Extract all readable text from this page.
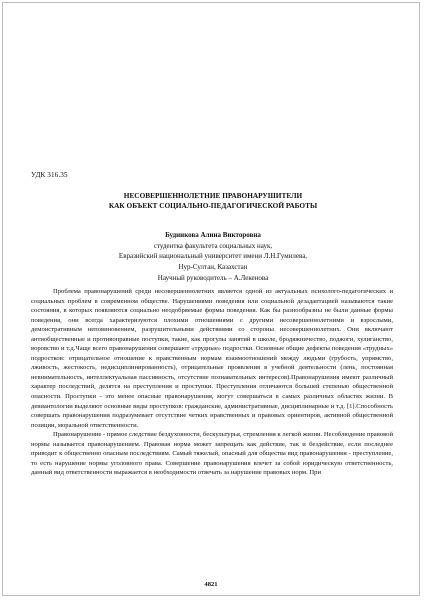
УДК 316.35
НЕСОВЕРШЕННОЛЕТНИЕ ПРАВОНАРУШИТЕЛИ
КАК ОБЪЕКТ СОЦИАЛЬНО-ПЕДАГОГИЧЕСКОЙ РАБОТЫ
Будникова Алина Викторовна
студентка факультета социальных наук,
Евразийский национальный университет имени Л.Н.Гумилева,
Нур-Султан, Казахстан
Научный руководитель – А.Лекенова

Проблема правонарушений среди несовершеннолетних является одной из актуальных психолого-педагогических и социальных проблем в современном обществе. Нарушениями поведения или социальной дезадаптацией называются такие состояния, в которых появляются социально неодобряемые формы поведения. Как бы разнообразны не были данные формы поведения, они всегда характеризуются плохими отношениями с другими несовершеннолетними и взрослыми, демонстративным неповиновением, разрушительными действиями со стороны несовершеннолетних. Они включают антиобщественные и противоправные поступки, такие, как прогулы занятий в школе, бродяжничество, поджоги, хулиганство, воровство и т.д.Чаще всего правонарушения совершают «трудные» подростки. Основные общие дефекты поведения «трудных» подростков: отрицательное отношение к нравственным нормам взаимоотношений между людьми (грубость, упрямство, лживость, жестокость, недисциплинированность), отрицательные проявления в учебной деятельности (лень, постоянная невнимательность, интеллектуальная пассивность, отсутствие познавательных интересов).Правонарушения имеют различный характер последствий, делятся на преступления и проступки. Преступления отличаются большей степенью общественной опасности. Проступки - это менее опасные правонарушения, могут совершаться в самых различных областях жизни. В девиантологии выделяют основные виды проступков: гражданские, административные, дисциплинарные и т.д. [1].Способность совершать правонарушения подразумевает отсутствие четких нравственных и правовых ориентиров, активной общественной позиции, моральной ответственности.

Правонарушение - прямое следствие бездуховности, бескультурья, стремления к легкой жизни. Несоблюдение правовой нормы называется правонарушением. Правовая норма может запрещать как действие, так и бездействие, если последнее приводит к общественно опасным последствиям. Самый тяжелый, опасный для общества вид правонарушения - преступление, то есть нарушение нормы уголовного права. Совершение правонарушения влечет за собой юридическую ответственность, данный вид ответственности выражается в необходимости отвечать за нарушение правовых норм. При

4821
